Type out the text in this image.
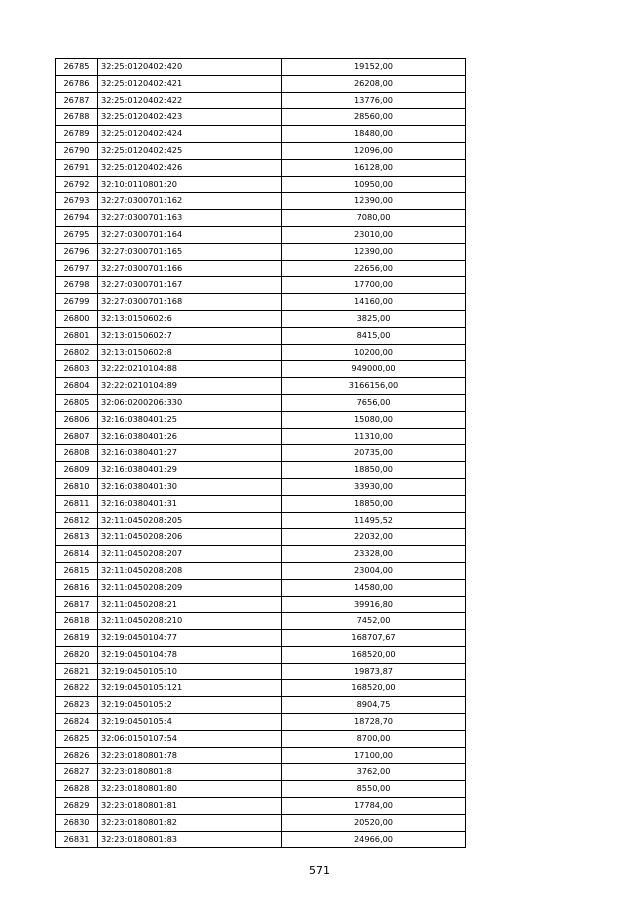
26785	32:25:0120402:420	19152,00
26786	32:25:0120402:421	26208,00
26787	32:25:0120402:422	13776,00
26788	32:25:0120402:423	28560,00
26789	32:25:0120402:424	18480,00
26790	32:25:0120402:425	12096,00
26791	32:25:0120402:426	16128,00
26792	32:10:0110801:20	10950,00
26793	32:27:0300701:162	12390,00
26794	32:27:0300701:163	7080,00
26795	32:27:0300701:164	23010,00
26796	32:27:0300701:165	12390,00
26797	32:27:0300701:166	22656,00
26798	32:27:0300701:167	17700,00
26799	32:27:0300701:168	14160,00
26800	32:13:0150602:6	3825,00
26801	32:13:0150602:7	8415,00
26802	32:13:0150602:8	10200,00
26803	32:22:0210104:88	949000,00
26804	32:22:0210104:89	3166156,00
26805	32:06:0200206:330	7656,00
26806	32:16:0380401:25	15080,00
26807	32:16:0380401:26	11310,00
26808	32:16:0380401:27	20735,00
26809	32:16:0380401:29	18850,00
26810	32:16:0380401:30	33930,00
26811	32:16:0380401:31	18850,00
26812	32:11:0450208:205	11495,52
26813	32:11:0450208:206	22032,00
26814	32:11:0450208:207	23328,00
26815	32:11:0450208:208	23004,00
26816	32:11:0450208:209	14580,00
26817	32:11:0450208:21	39916,80
26818	32:11:0450208:210	7452,00
26819	32:19:0450104:77	168707,67
26820	32:19:0450104:78	168520,00
26821	32:19:0450105:10	19873,87
26822	32:19:0450105:121	168520,00
26823	32:19:0450105:2	8904,75
26824	32:19:0450105:4	18728,70
26825	32:06:0150107:54	8700,00
26826	32:23:0180801:78	17100,00
26827	32:23:0180801:8	3762,00
26828	32:23:0180801:80	8550,00
26829	32:23:0180801:81	17784,00
26830	32:23:0180801:82	20520,00
26831	32:23:0180801:83	24966,00
571
